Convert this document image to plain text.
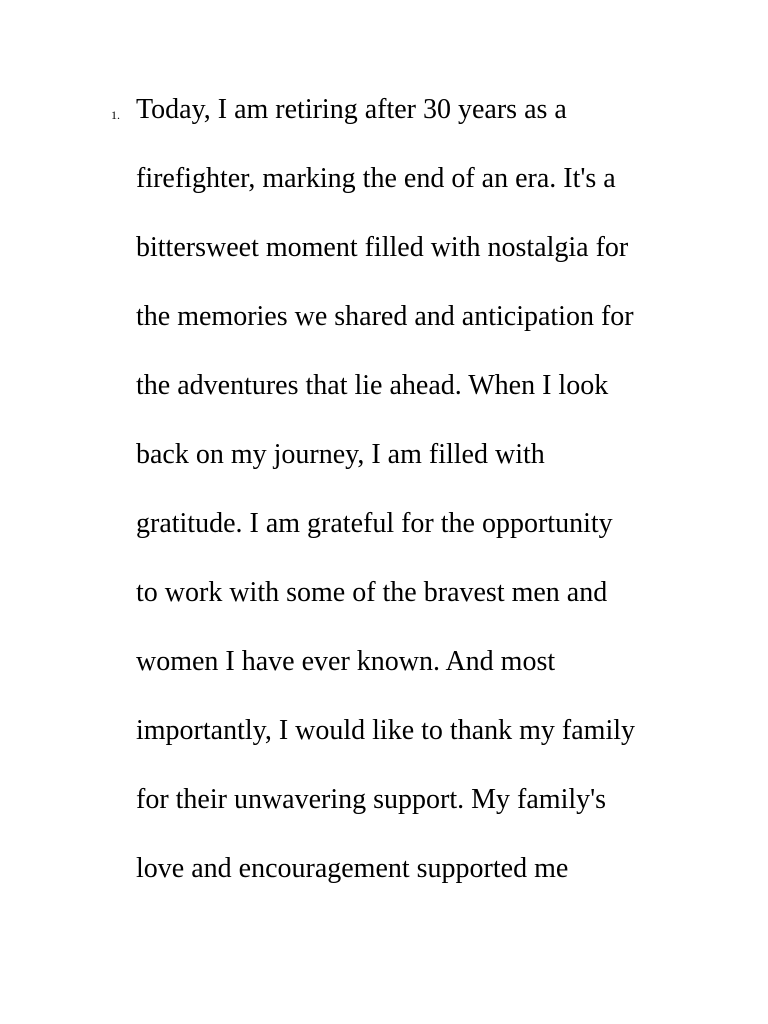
1. Today, I am retiring after 30 years as a
firefighter, marking the end of an era. It's a
bittersweet moment filled with nostalgia for
the memories we shared and anticipation for
the adventures that lie ahead. When I look
back on my journey, I am filled with
gratitude. I am grateful for the opportunity
to work with some of the bravest men and
women I have ever known. And most
importantly, I would like to thank my family
for their unwavering support. My family's
love and encouragement supported me
